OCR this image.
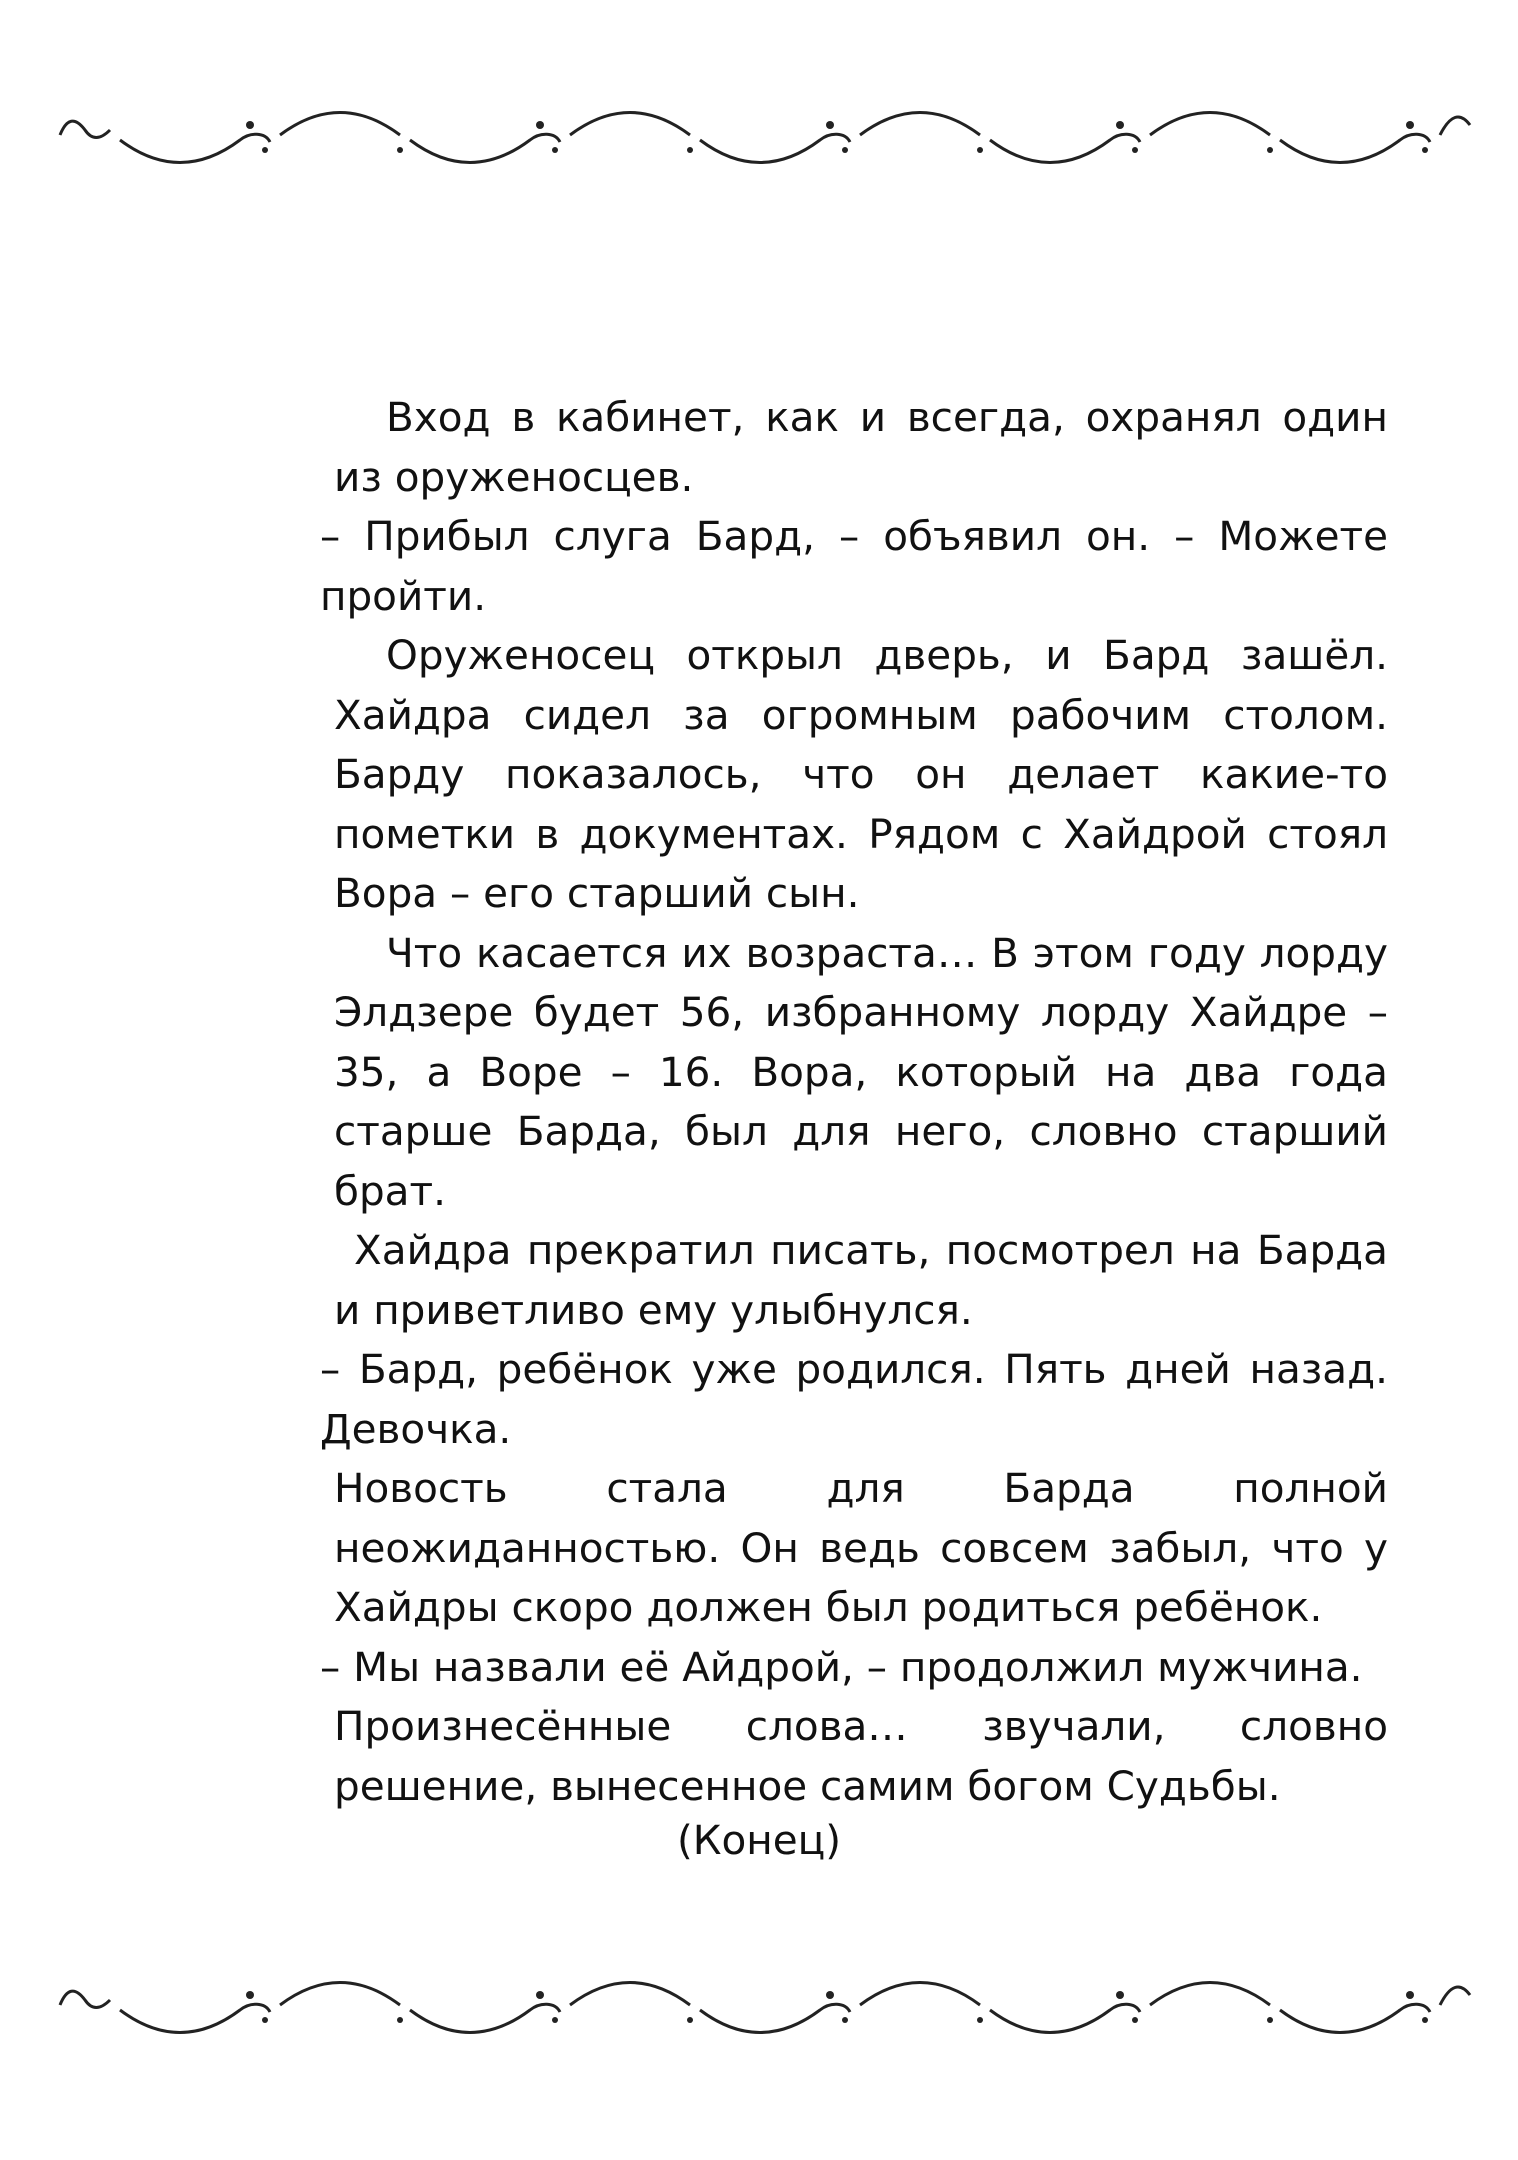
Вход в кабинет, как и всегда, охранял один из оруженосцев.

– Прибыл слуга Бард, – объявил он. – Можете пройти.

Оруженосец открыл дверь, и Бард зашёл. Хайдра сидел за огромным рабочим столом. Барду показалось, что он делает какие-то пометки в документах. Рядом с Хайдрой стоял Вора – его старший сын.

Что касается их возраста… В этом году лорду Элдзере будет 56, избранному лорду Хайдре – 35, а Воре – 16. Вора, который на два года старше Барда, был для него, словно старший брат.

Хайдра прекратил писать, посмотрел на Барда и приветливо ему улыбнулся.

– Бард, ребёнок уже родился. Пять дней назад. Девочка.

Новость стала для Барда полной неожиданностью. Он ведь совсем забыл, что у Хайдры скоро должен был родиться ребёнок.

– Мы назвали её Айдрой, – продолжил мужчина.

Произнесённые слова… звучали, словно решение, вынесенное самим богом Судьбы.

(Конец)
